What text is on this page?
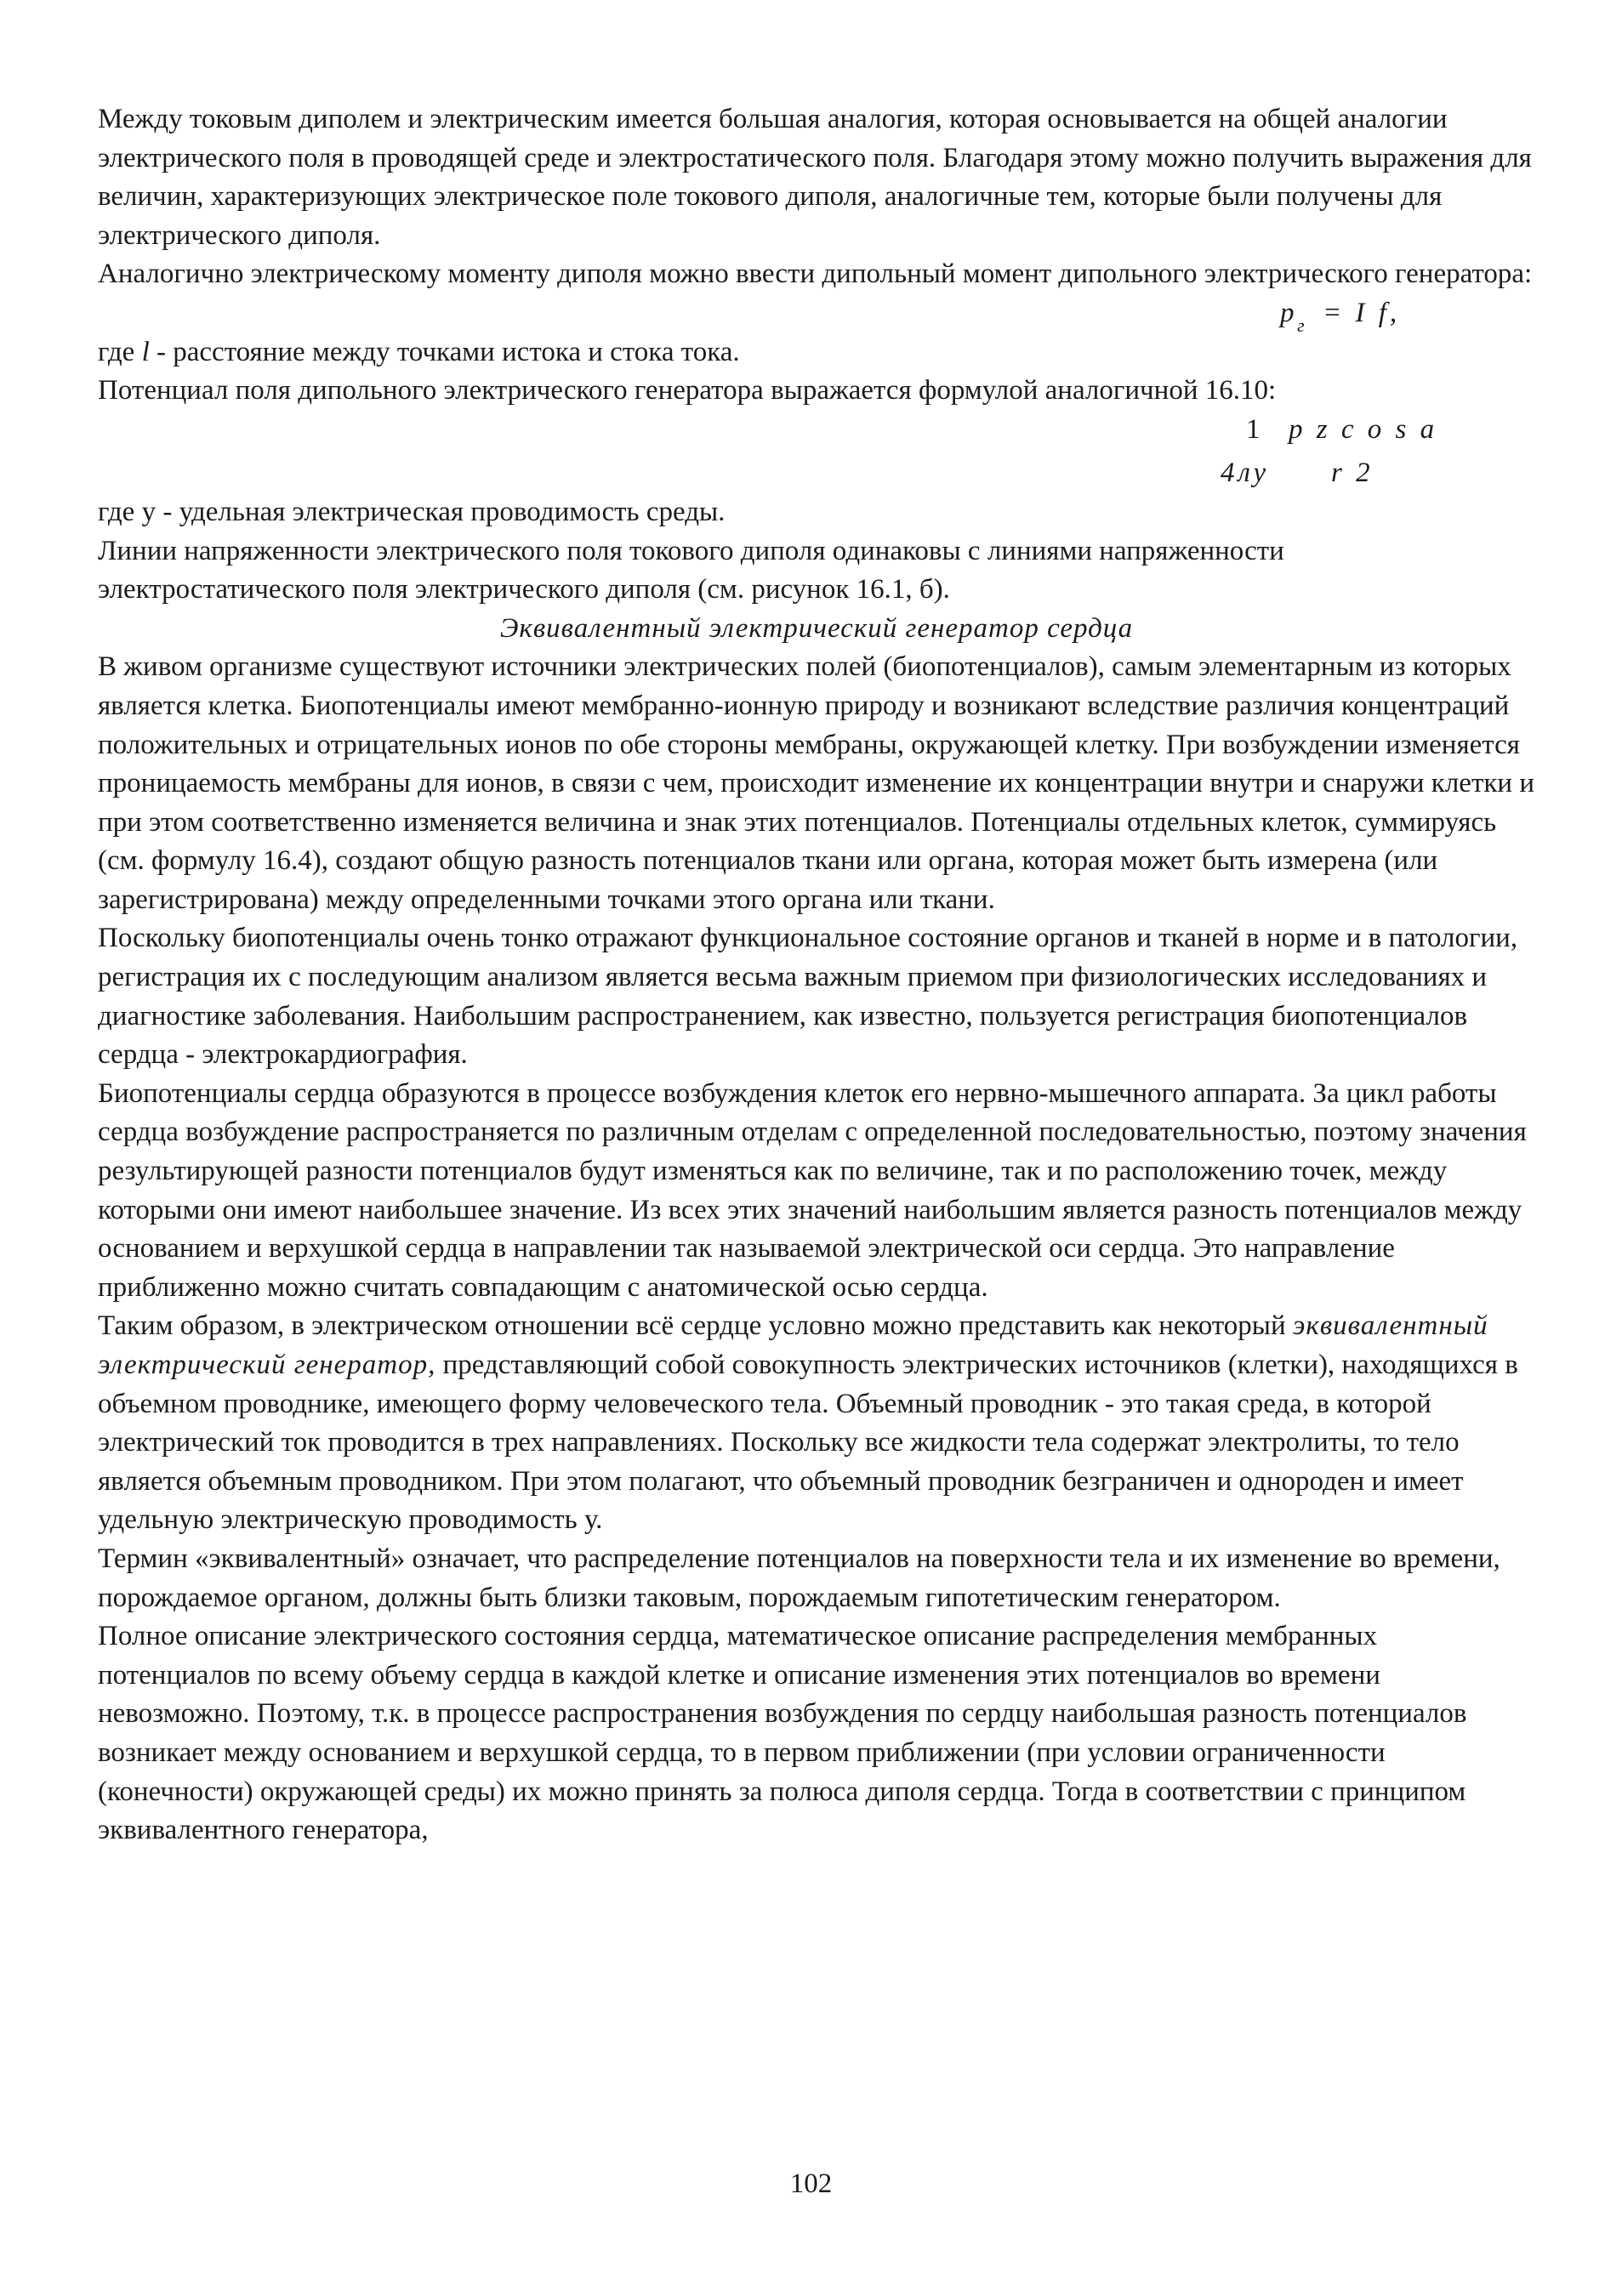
Между токовым диполем и электрическим имеется большая аналогия, которая основывается на общей аналогии электрического поля в проводящей среде и электростатического поля. Благодаря этому можно получить выражения для величин, характеризующих электрическое поле токового диполя, аналогичные тем, которые были получены для электрического диполя.

Аналогично электрическому моменту диполя можно ввести дипольный момент дипольного электрического генератора:

р г = I f,

где l - расстояние между точками истока и стока тока.

Потенциал поля дипольного электрического генератора выражается формулой аналогичной 16.10:

1 р z с о s а
4лу r 2

где у - удельная электрическая проводимость среды.

Линии напряженности электрического поля токового диполя одинаковы с линиями напряженности электростатического поля электрического диполя (см. рисунок 16.1, б).

Эквивалентный электрический генератор сердца

В живом организме существуют источники электрических полей (биопотенциалов), самым элементарным из которых является клетка. Биопотенциалы имеют мембранно-ионную природу и возникают вследствие различия концентраций положительных и отрицательных ионов по обе стороны мембраны, окружающей клетку. При возбуждении изменяется проницаемость мембраны для ионов, в связи с чем, происходит изменение их концентрации внутри и снаружи клетки и при этом соответственно изменяется величина и знак этих потенциалов. Потенциалы отдельных клеток, суммируясь (см. формулу 16.4), создают общую разность потенциалов ткани или органа, которая может быть измерена (или зарегистрирована) между определенными точками этого органа или ткани.

Поскольку биопотенциалы очень тонко отражают функциональное состояние органов и тканей в норме и в патологии, регистрация их с последующим анализом является весьма важным приемом при физиологических исследованиях и диагностике заболевания. Наибольшим распространением, как известно, пользуется регистрация биопотенциалов сердца - электрокардиография.

Биопотенциалы сердца образуются в процессе возбуждения клеток его нервно-мышечного аппарата. За цикл работы сердца возбуждение распространяется по различным отделам с определенной последовательностью, поэтому значения результирующей разности потенциалов будут изменяться как по величине, так и по расположению точек, между которыми они имеют наибольшее значение. Из всех этих значений наибольшим является разность потенциалов между основанием и верхушкой сердца в направлении так называемой электрической оси сердца. Это направление приближенно можно считать совпадающим с анатомической осью сердца.

Таким образом, в электрическом отношении всё сердце условно можно представить как некоторый эквивалентный электрический генератор, представляющий собой совокупность электрических источников (клетки), находящихся в объемном проводнике, имеющего форму человеческого тела. Объемный проводник - это такая среда, в которой электрический ток проводится в трех направлениях. Поскольку все жидкости тела содержат электролиты, то тело является объемным проводником. При этом полагают, что объемный проводник безграничен и однороден и имеет удельную электрическую проводимость у.

Термин «эквивалентный» означает, что распределение потенциалов на поверхности тела и их изменение во времени, порождаемое органом, должны быть близки таковым, порождаемым гипотетическим генератором.

Полное описание электрического состояния сердца, математическое описание распределения мембранных потенциалов по всему объему сердца в каждой клетке и описание изменения этих потенциалов во времени невозможно. Поэтому, т.к. в процессе распространения возбуждения по сердцу наибольшая разность потенциалов возникает между основанием и верхушкой сердца, то в первом приближении (при условии ограниченности (конечности) окружающей среды) их можно принять за полюса диполя сердца. Тогда в соответствии с принципом эквивалентного генератора,

102
